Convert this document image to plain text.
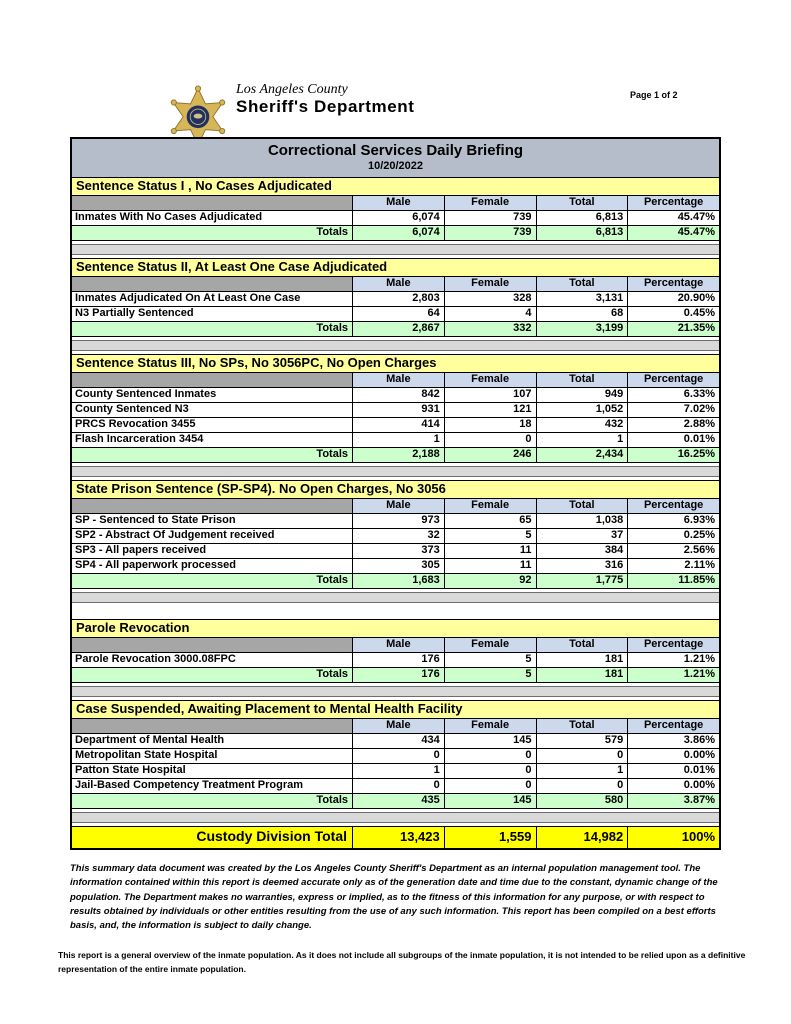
Los Angeles County
Sheriff's Department
Page 1 of 2
Correctional Services Daily Briefing
10/20/2022
Sentence Status I , No Cases Adjudicated
Male	Female	Total	Percentage
Inmates With No Cases Adjudicated	6,074	739	6,813	45.47%
Totals	6,074	739	6,813	45.47%
Sentence Status II, At Least One Case Adjudicated
Male	Female	Total	Percentage
Inmates Adjudicated On At Least One Case	2,803	328	3,131	20.90%
N3 Partially Sentenced	64	4	68	0.45%
Totals	2,867	332	3,199	21.35%
Sentence Status III, No SPs, No 3056PC, No Open Charges
Male	Female	Total	Percentage
County Sentenced Inmates	842	107	949	6.33%
County Sentenced N3	931	121	1,052	7.02%
PRCS Revocation 3455	414	18	432	2.88%
Flash Incarceration 3454	1	0	1	0.01%
Totals	2,188	246	2,434	16.25%
State Prison Sentence (SP-SP4). No Open Charges, No 3056
Male	Female	Total	Percentage
SP - Sentenced to State Prison	973	65	1,038	6.93%
SP2 - Abstract Of Judgement received	32	5	37	0.25%
SP3 - All papers received	373	11	384	2.56%
SP4 - All paperwork processed	305	11	316	2.11%
Totals	1,683	92	1,775	11.85%
Parole Revocation
Male	Female	Total	Percentage
Parole Revocation 3000.08FPC	176	5	181	1.21%
Totals	176	5	181	1.21%
Case Suspended, Awaiting Placement to Mental Health Facility
Male	Female	Total	Percentage
Department of Mental Health	434	145	579	3.86%
Metropolitan State Hospital	0	0	0	0.00%
Patton State Hospital	1	0	1	0.01%
Jail-Based Competency Treatment Program	0	0	0	0.00%
Totals	435	145	580	3.87%
Custody Division Total	13,423	1,559	14,982	100%

This summary data document was created by the Los Angeles County Sheriff's Department as an internal population management tool. The information contained within this report is deemed accurate only as of the generation date and time due to the constant, dynamic change of the population. The Department makes no warranties, express or implied, as to the fitness of this information for any purpose, or with respect to results obtained by individuals or other entities resulting from the use of any such information. This report has been compiled on a best efforts basis, and, the information is subject to daily change.

This report is a general overview of the inmate population. As it does not include all subgroups of the inmate population, it is not intended to be relied upon as a definitive representation of the entire inmate population.
